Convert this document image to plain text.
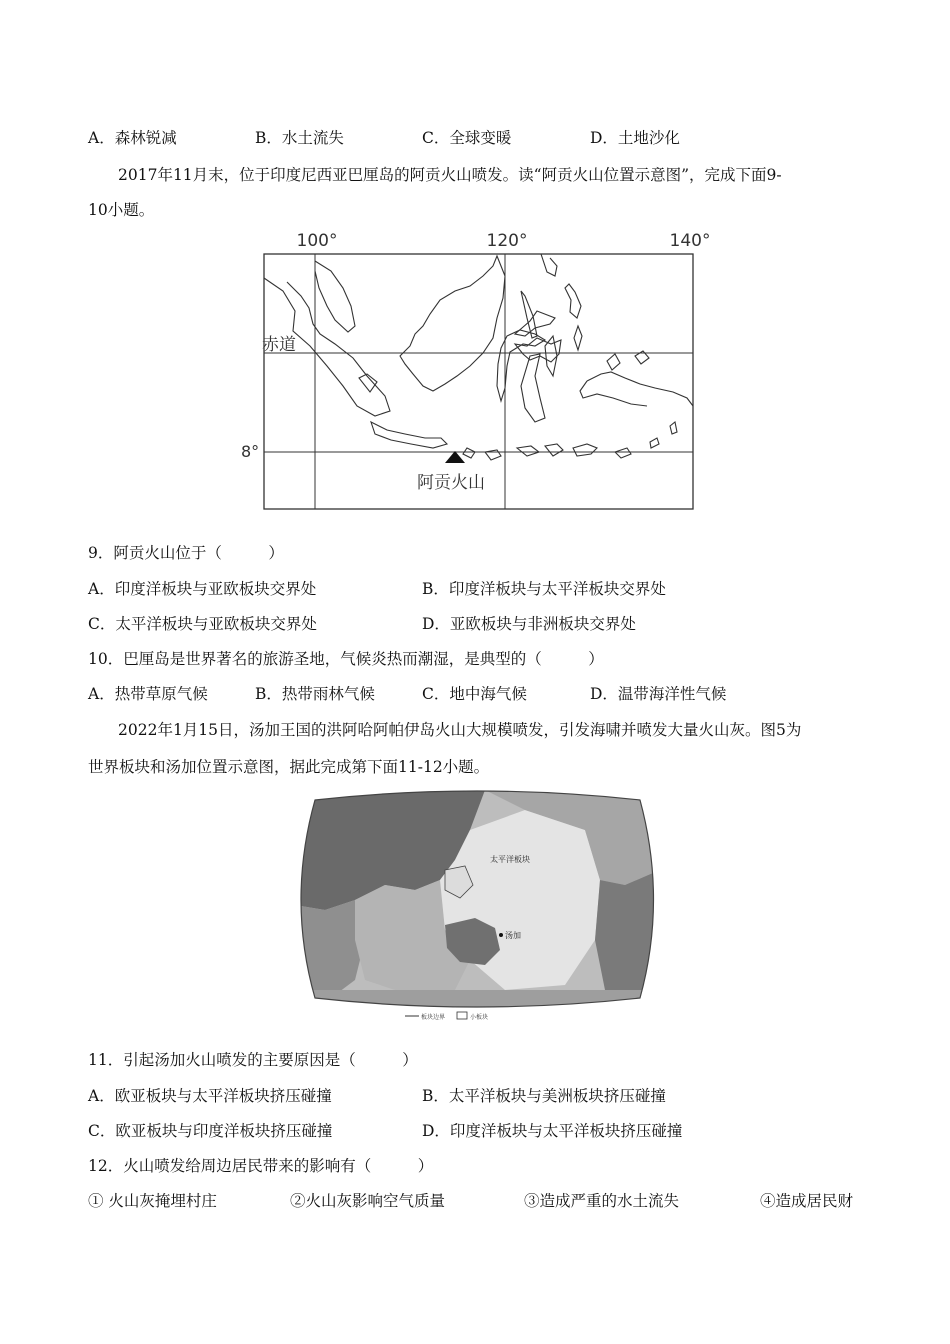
A．森林锐减	B．水土流失	C．全球变暖	D．土地沙化
2017年11月末，位于印度尼西亚巴厘岛的阿贡火山喷发。读“阿贡火山位置示意图”，完成下面9-
10小题。
100°	120°	140°
赤道
8°
阿贡火山
9．阿贡火山位于（　　　）
A．印度洋板块与亚欧板块交界处	B．印度洋板块与太平洋板块交界处
C．太平洋板块与亚欧板块交界处	D．亚欧板块与非洲板块交界处
10．巴厘岛是世界著名的旅游圣地，气候炎热而潮湿，是典型的（　　　）
A．热带草原气候	B．热带雨林气候	C．地中海气候	D．温带海洋性气候
2022年1月15日，汤加王国的洪阿哈阿帕伊岛火山大规模喷发，引发海啸并喷发大量火山灰。图5为
世界板块和汤加位置示意图，据此完成第下面11-12小题。
太平洋板块
汤加
板块边界	小板块
11．引起汤加火山喷发的主要原因是（　　　）
A．欧亚板块与太平洋板块挤压碰撞	B．太平洋板块与美洲板块挤压碰撞
C．欧亚板块与印度洋板块挤压碰撞	D．印度洋板块与太平洋板块挤压碰撞
12．火山喷发给周边居民带来的影响有（　　　）
① 火山灰掩埋村庄	②火山灰影响空气质量	③造成严重的水土流失	④造成居民财
